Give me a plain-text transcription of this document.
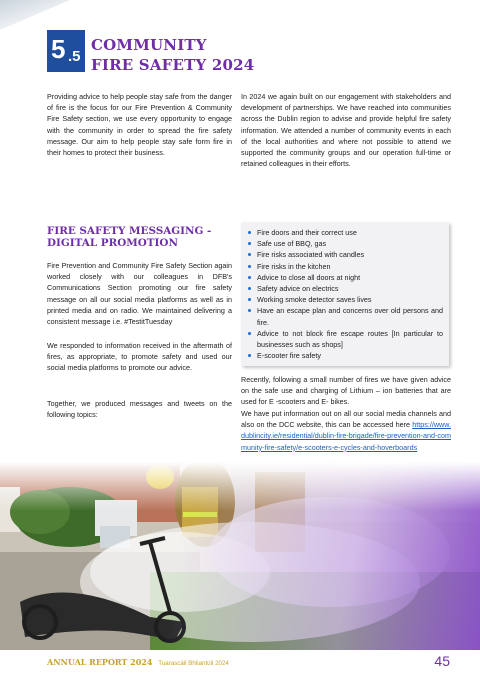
5 .5
COMMUNITY
FIRE SAFETY 2024

Providing advice to help people stay safe from the danger of fire is the focus for our Fire Prevention & Community Fire Safety section, we use every opportunity to engage with the community in order to spread the fire safety message. Our aim to help people stay safe form fire in their homes to protect their business.

In 2024 we again built on our engagement with stakeholders and development of partnerships. We have reached into communities across the Dublin region to advise and provide helpful fire safety information. We attended a number of community events in each of the local authorities and where not possible to attend we supported the community groups and our operation full-time or retained colleagues in their efforts.

FIRE SAFETY MESSAGING -
DIGITAL PROMOTION

Fire Prevention and Community Fire Safety Section again worked closely with our colleagues in DFB's Communications Section promoting our fire safety message on all our social media platforms as well as in printed media and on radio. We maintained delivering a consistent message i.e. #TestitTuesday

We responded to information received in the aftermath of fires, as appropriate, to promote safety and used our social media platforms to promote our advice.

Together, we produced messages and tweets on the following topics:

Fire doors and their correct use
Safe use of BBQ, gas
Fire risks associated with candles
Fire risks in the kitchen
Advice to close all doors at night
Safety advice on electrics
Working smoke detector saves lives
Have an escape plan and concerns over old persons and fire.
Advice to not block fire escape routes [In particular to businesses such as shops]
E-scooter fire safety

Recently, following a small number of fires we have given advice on the safe use and charging of Lithium – ion batteries that are used for E -scooters and E- bikes.

We have put information out on all our social media channels and also on the DCC website, this can be accessed here https://www.dublincity.ie/residential/dublin-fire-brigade/fire-prevention-and-community-fire-safety/e-scooters-e-cycles-and-hoverboards

ANNUAL REPORT 2024 Tuarascáil Bhliantúil 2024	45
